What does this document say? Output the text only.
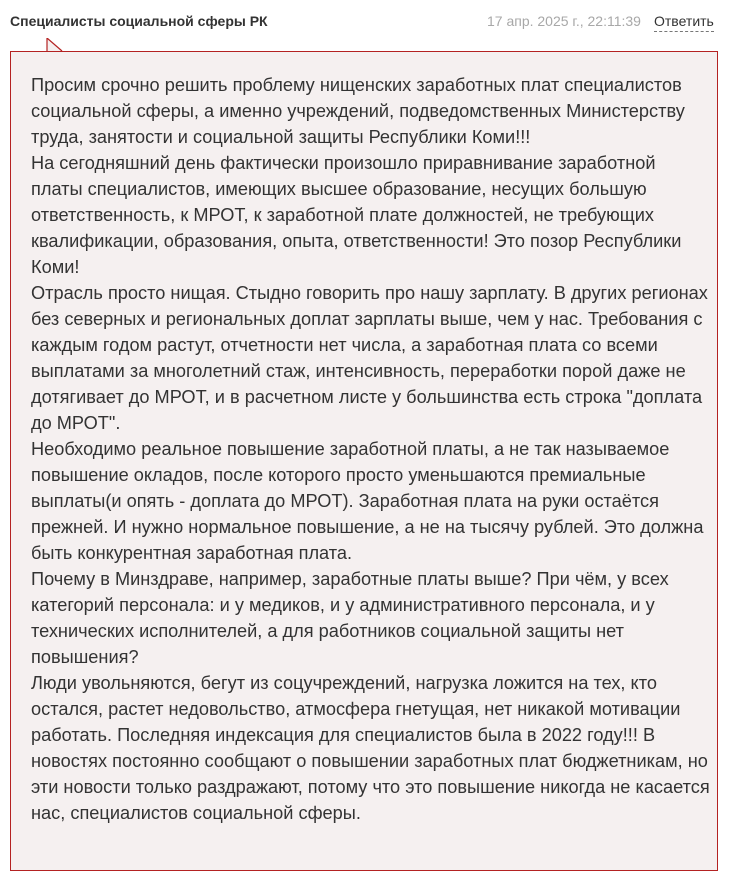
Специалисты социальной сферы РК	17 апр. 2025 г., 22:11:39 Ответить

Просим срочно решить проблему нищенских заработных плат специалистов социальной сферы, а именно учреждений, подведомственных Министерству труда, занятости и социальной защиты Республики Коми!!!

На сегодняшний день фактически произошло приравнивание заработной платы специалистов, имеющих высшее образование, несущих большую ответственность, к МРОТ, к заработной плате должностей, не требующих квалификации, образования, опыта, ответственности! Это позор Республики Коми!

Отрасль просто нищая. Стыдно говорить про нашу зарплату. В других регионах без северных и региональных доплат зарплаты выше, чем у нас. Требования с каждым годом растут, отчетности нет числа, а заработная плата со всеми выплатами за многолетний стаж, интенсивность, переработки порой даже не дотягивает до МРОТ, и в расчетном листе у большинства есть строка "доплата до МРОТ".

Необходимо реальное повышение заработной платы, а не так называемое повышение окладов, после которого просто уменьшаются премиальные выплаты(и опять - доплата до МРОТ). Заработная плата на руки остаётся прежней. И нужно нормальное повышение, а не на тысячу рублей. Это должна быть конкурентная заработная плата.

Почему в Минздраве, например, заработные платы выше? При чём, у всех категорий персонала: и у медиков, и у административного персонала, и у технических исполнителей, а для работников социальной защиты нет повышения?

Люди увольняются, бегут из соцучреждений, нагрузка ложится на тех, кто остался, растет недовольство, атмосфера гнетущая, нет никакой мотивации работать. Последняя индексация для специалистов была в 2022 году!!! В новостях постоянно сообщают о повышении заработных плат бюджетникам, но эти новости только раздражают, потому что это повышение никогда не касается нас, специалистов социальной сферы.
